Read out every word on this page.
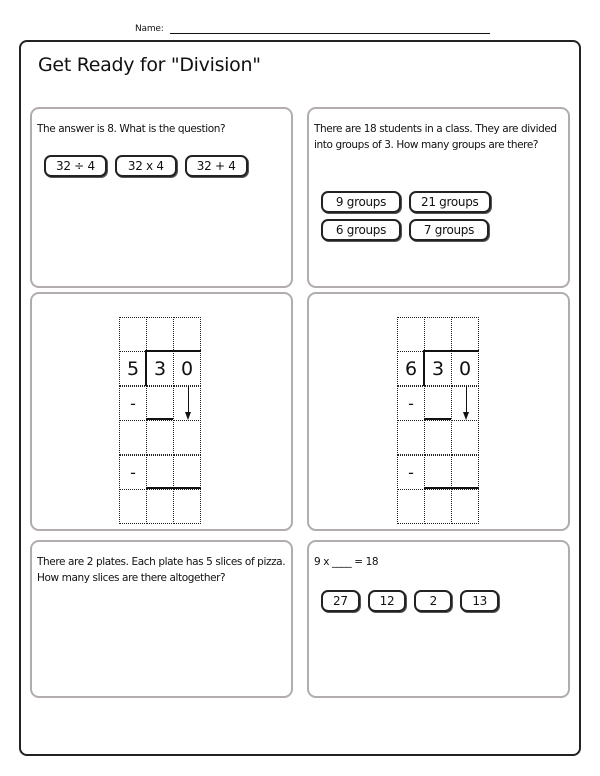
Name:
Get Ready for "Division"
The answer is 8. What is the question?
32 ÷ 4	32 x 4	32 + 4
There are 18 students in a class. They are divided into groups of 3. How many groups are there?
9 groups	21 groups
6 groups	7 groups
5 3 0
-
-
6 3 0
-
-
There are 2 plates. Each plate has 5 slices of pizza. How many slices are there altogether?
9 x ____ = 18
27	12	2	13
